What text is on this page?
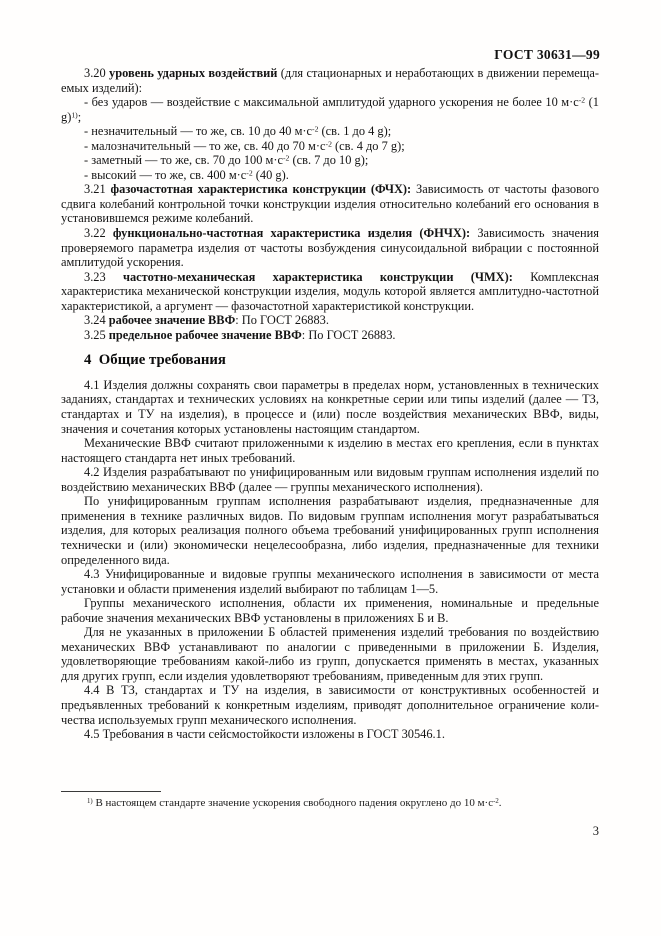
ГОСТ 30631—99

3.20 уровень ударных воздействий (для стационарных и неработающих в движении перемещаемых изделий):

- без ударов — воздействие с максимальной амплитудой ударного ускорения не более 10 $м\cdot с^{-2}$ (1 g)$^{1)}$;

- незначительный — то же, св. 10 до 40 $м\cdot с^{-2}$ (св. 1 до 4 g);

- малозначительный — то же, св. 40 до 70 $м\cdot с^{-2}$ (св. 4 до 7 g);

- заметный — то же, св. 70 до 100 $м\cdot с^{-2}$ (св. 7 до 10 g);

- высокий — то же, св. 400 $м\cdot с^{-2}$ (40 g).

3.21 фазочастотная характеристика конструкции (ФЧХ): Зависимость от частоты фазового сдвига колебаний контрольной точки конструкции изделия относительно колебаний его основания в установившемся режиме колебаний.

3.22 функционально-частотная характеристика изделия (ФНЧХ): Зависимость значения проверяемого параметра изделия от частоты возбуждения синусоидальной вибрации с постоянной амплитудой ускорения.

3.23 частотно-механическая характеристика конструкции (ЧМХ): Комплексная характеристика механической конструкции изделия, модуль которой является амплитудно-частотной характеристикой, а аргумент — фазочастотной характеристикой конструкции.

3.24 рабочее значение ВВФ: По ГОСТ 26883.

3.25 предельное рабочее значение ВВФ: По ГОСТ 26883.

4 Общие требования

4.1 Изделия должны сохранять свои параметры в пределах норм, установленных в технических заданиях, стандартах и технических условиях на конкретные серии или типы изделий (далее — ТЗ, стандартах и ТУ на изделия), в процессе и (или) после воздействия механических ВВФ, виды, значения и сочетания которых установлены настоящим стандартом.

Механические ВВФ считают приложенными к изделию в местах его крепления, если в пунктах настоящего стандарта нет иных требований.

4.2 Изделия разрабатывают по унифицированным или видовым группам исполнения изделий по воздействию механических ВВФ (далее — группы механического исполнения).

По унифицированным группам исполнения разрабатывают изделия, предназначенные для применения в технике различных видов. По видовым группам исполнения могут разрабатываться изделия, для которых реализация полного объема требований унифицированных групп исполнения технически и (или) экономически нецелесообразна, либо изделия, предназначенные для техники определенного вида.

4.3 Унифицированные и видовые группы механического исполнения в зависимости от места установки и области применения изделий выбирают по таблицам 1—5.

Группы механического исполнения, области их применения, номинальные и предельные рабочие значения механических ВВФ установлены в приложениях Б и В.

Для не указанных в приложении Б областей применения изделий требования по воздействию механических ВВФ устанавливают по аналогии с приведенными в приложении Б. Изделия, удовлетворяющие требованиям какой-либо из групп, допускается применять в местах, указанных для других групп, если изделия удовлетворяют требованиям, приведенным для этих групп.

4.4 В ТЗ, стандартах и ТУ на изделия, в зависимости от конструктивных особенностей и предъявленных требований к конкретным изделиям, приводят дополнительное ограничение количества используемых групп механического исполнения.

4.5 Требования в части сейсмостойкости изложены в ГОСТ 30546.1.

$^{1)}$ В настоящем стандарте значение ускорения свободного падения округлено до 10 $м\cdot с^{-2}$.

3
